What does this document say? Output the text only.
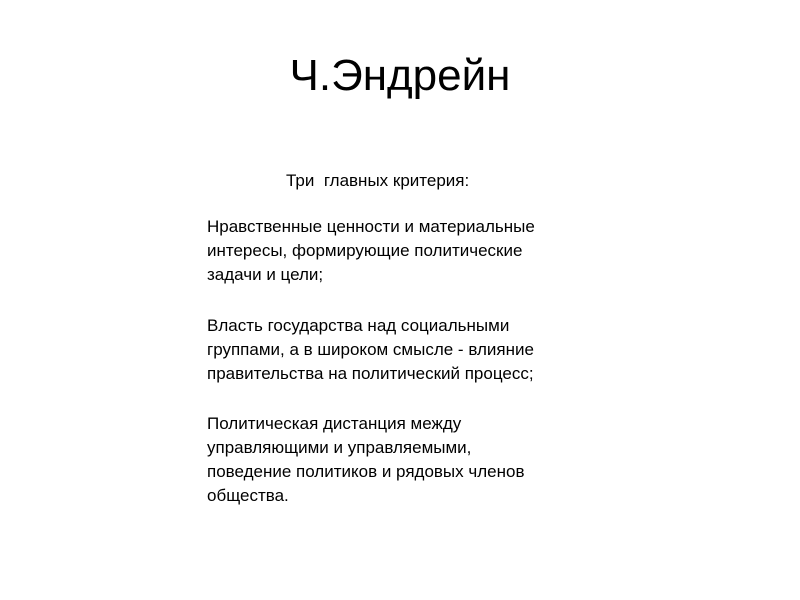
Ч.Эндрейн
Три  главных критерия:

Нравственные ценности и материальные
интересы, формирующие политические
задачи и цели;

Власть государства над социальными
группами, а в широком смысле - влияние
правительства на политический процесс;

Политическая дистанция между
управляющими и управляемыми,
поведение политиков и рядовых членов
общества.
